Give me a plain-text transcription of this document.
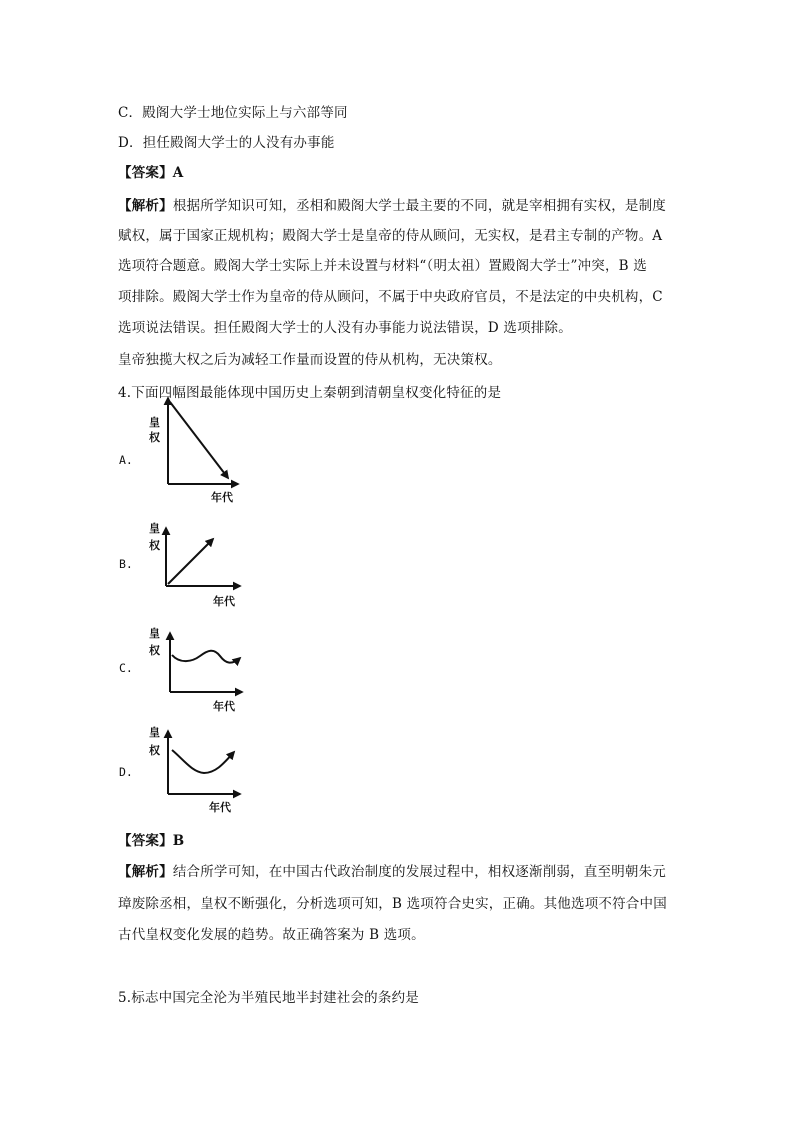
C．殿阁大学士地位实际上与六部等同
D．担任殿阁大学士的人没有办事能
【答案】A
【解析】根据所学知识可知，丞相和殿阁大学士最主要的不同，就是宰相拥有实权，是制度
赋权，属于国家正规机构；殿阁大学士是皇帝的侍从顾问，无实权，是君主专制的产物。A
选项符合题意。殿阁大学士实际上并未设置与材料“（明太祖）置殿阁大学士”冲突，B 选
项排除。殿阁大学士作为皇帝的侍从顾问，不属于中央政府官员，不是法定的中央机构，C
选项说法错误。担任殿阁大学士的人没有办事能力说法错误，D 选项排除。
皇帝独揽大权之后为减轻工作量而设置的侍从机构，无决策权。
4.下面四幅图最能体现中国历史上秦朝到清朝皇权变化特征的是
A.
B.
C.
D.
皇
权
年代
皇
权
年代
皇
权
年代
皇
权
年代
【答案】B
【解析】结合所学可知，在中国古代政治制度的发展过程中，相权逐渐削弱，直至明朝朱元
璋废除丞相，皇权不断强化，分析选项可知，B 选项符合史实，正确。其他选项不符合中国
古代皇权变化发展的趋势。故正确答案为 B 选项。
5.标志中国完全沦为半殖民地半封建社会的条约是
